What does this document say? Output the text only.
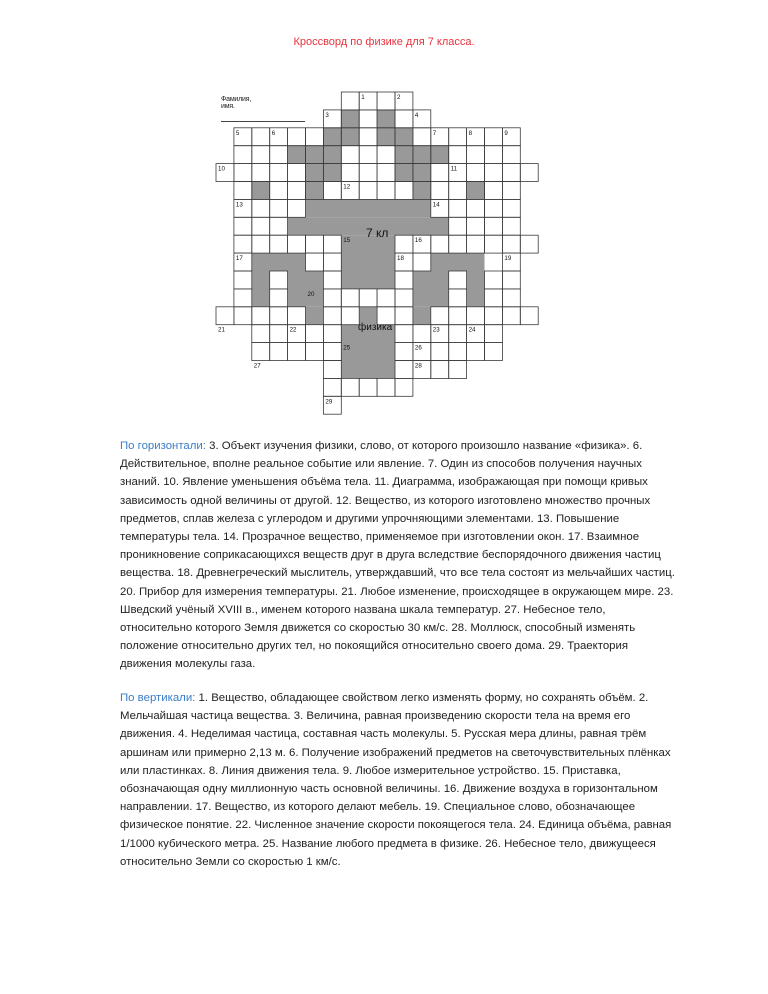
Кроссворд по физике для 7 класса.
Фамилия, имя.
1	2
3	4
5	6	7	8	9
10	11
12
13	14
15	16
17	18	19
20
21	22	23	24
25	26
27	28
29
7 кл
физика
По горизонтали: 3. Объект изучения физики, слово, от которого произошло название «физика». 6. Действительное, вполне реальное событие или явление. 7. Один из способов получения научных знаний. 10. Явление уменьшения объёма тела. 11. Диаграмма, изображающая при помощи кривых зависимость одной величины от другой. 12. Вещество, из которого изготовлено множество прочных предметов, сплав железа с углеродом и другими упрочняющими элементами. 13. Повышение температуры тела. 14. Прозрачное вещество, применяемое при изготовлении окон. 17. Взаимное проникновение соприкасающихся веществ друг в друга вследствие беспорядочного движения частиц вещества. 18. Древнегреческий мыслитель, утверждавший, что все тела состоят из мельчайших частиц. 20. Прибор для измерения температуры. 21. Любое изменение, происходящее в окружающем мире. 23. Шведский учёный XVIII в., именем которого названа шкала температур. 27. Небесное тело, относительно которого Земля движется со скоростью 30 км/с. 28. Моллюск, способный изменять положение относительно других тел, но покоящийся относительно своего дома. 29. Траектория движения молекулы газа.
По вертикали: 1. Вещество, обладающее свойством легко изменять форму, но сохранять объём. 2. Мельчайшая частица вещества. 3. Величина, равная произведению скорости тела на время его движения. 4. Неделимая частица, составная часть молекулы. 5. Русская мера длины, равная трём аршинам или примерно 2,13 м. 6. Получение изображений предметов на светочувствительных плёнках или пластинках. 8. Линия движения тела. 9. Любое измерительное устройство. 15. Приставка, обозначающая одну миллионную часть основной величины. 16. Движение воздуха в горизонтальном направлении. 17. Вещество, из которого делают мебель. 19. Специальное слово, обозначающее физическое понятие. 22. Численное значение скорости покоящегося тела. 24. Единица объёма, равная 1/1000 кубического метра. 25. Название любого предмета в физике. 26. Небесное тело, движущееся относительно Земли со скоростью 1 км/с.
